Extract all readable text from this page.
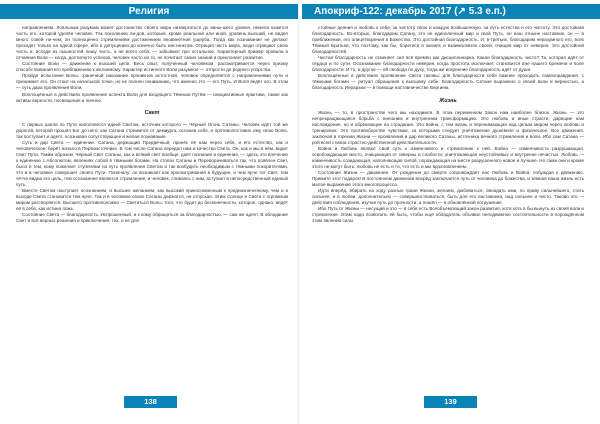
Религия

направлением. Лояльным разумам может достоинство своего мира низвергаться до вины-шего уровня, немели кажется часть его, которой уделён человек. Так поколению ли-дов, которым, кроме реальной или иной, уровень высший, не видел много совей ни-чем; он полноценно стремлением достижением вновинетния ущерба. Тогда как познавание не делают проходят только на одной сфере, ибо в допущению до конечно быть инстинктом. Отрицая часть мира, люди отрицают свою часть и, исходя из пышностей лишу часть, а не всего себя, — забывают про остальное. Характерный пример провала в отчаяния Воли — когда, достигнуто успехов, человек часто не то, не почитает своих знаний и преклоняет развитие.

Состояние Воли — движение к высшей цели. Весь опыт, полученный человеком, рассматривается через призму способствования его приближению к желаемому. Характер истинного Воли разумное — отпрости до родного упорства.

Пройдя испытание Волы, граничной наказание проникнов истостной, человек определяется с направлениями пути и принимает его. Он стоит на начальной точке, но не полнен пониманию, что именно это — его Путь. И Воля ведёт его. В этом — суть дара проявления Воли.

Воплощённые в действиях проявление аспекта Воли для входящего Тёмным Путём — инициативные практики, также как активы верности, посвящения и личное.

Свет

С первых шагов по Пути наполняется идеей Светом, источник которого — Чёрный Огонь Сатаны. Человек идёт той же дорогой, которой прошёл Бог до него; как Сатана стремился от демиурга, осознав себя, и противопоставил ему свою Волю, так поступает и адепт, осознавая сопутствующее и желая познавание.

Суть и дар Света — единение. Сатана, держащий Предвечный, принёс её нам через себя, и его естество, как и человеческое, берёт начало в Первоисточнике. В том числе Сатана передал нам и качества Света. Он, как и мы в нём, видит Свет Пути. Таким образом, Чёрный Свет Сатаны, как и всякий свет вообще, даёт познание и единение, — здесь это влечение к единению с Абсолютом, явлениях собой в тёмными богами. На стопах Сатаны и Переворачиваться так, что появлен Свет, было и тем, кому пожелает ступенями на путь проявления Светом и так возбудить необходимым с тёмными покорителями, что и в человеке совершает своего Пути. Поначалу: он возникает как просматривания в будущее, и чем ярче тот Свет, тем чётче видна его цель, тем осознаннее является стремление, и человек, сливаясь с ним, вступает в непосредственный единый путь.

Вместе Светом наступает осознанием, и высшее желанием, как высокий прикосновенным к предназначенному, чем и в выходе Света становится тем ярче. Так и в человеке своих Сатаны держатся, не отпуская. Этим Солнце и Света с огромным миром растворяется. Высшего противоположно — Светиться Волы, того, что будет до бесконечности, которое, однако, ведёт её в себя, как истина ложь.

Состояние Света — благодарность. Испрошенный, и к кому обращаться за благодарностью, — сам же адепт, В обладание Свет и всё верных решения и приключения, тех, и не для

138
Апокриф-122: декабрь 2017 (↗ 5.3 е.п.)

стойные деяния и любовь к себе, за чистоту свою и каждую возвышенную, за путь естества и его чистоту. Это достойная благодарность. Во-вторых, благодарим Сатану, это не единоличный мир и свой Путь, он наш отныне наставник, он — в приближении, его олицетворения в Божество. Это достойная благодарность. И, в-третьих, благодарим неразумного его, всех Тёмный Братьев, что поэтому, как бы, боретися в жизнях и взаимосвязях своей, очищая мир от неверия. Это достойной благодарностей.

Чистая благодарность не отменяет сил всё времён как дисциплинарка. Какая благодарность чисто? Та, которая идёт от сердца и по сути. Осознавание благодарности неверия, когда простота исключает, становится вне нашего бремени и поле благодарности. И то, и другое — ей свобода по духу, тогда же искренние благодарность идёт от души.

Воплощённые в действиях проявление Света таковы: для благодарности себе важнее проходить самооправдания, с тёмными богами — ритуал обращения к высшему себе. Благодарность Сатане выражено о своей воли и верностью, а благодарность Иерархии — в помощи наставничестве Вергием.

Жизнь

Жизнь — то, в пространстве чего мы находимся. В этом переменном Закон нам наиболее близок. Жизнь — это непрекращающаяся борьба с внешним и внутренним трансформацию. Это любовь и иные страсти, дарящие нам наслаждение, но и обрекающие на страдание. Это война, с тем жизнь и перенимающая над целым миром через любовь и тренировок. Это противоборстве чувствам, за которыми следует уничтожение душевное и физическое. Все движения, заключая в горении Жизни — проявления и дар великого Сатаны, источника вечного стремления и воли. Ибо сам Сатана — рой всей стихиа страстно-действенной действительности.

Война и Любовь являют свой суть к изменчивого и стремлению к ней. Война — изменчивость разрушающая, освобождающая место, очищающая от скверны и слабости; уничтожающая неустойчивых и внутренне нечистых. Любовь — изменчивость созидающая, наполняющая силой, порождающая на месте разрушенного новое и лучшее. Но сами они и кроме этого не могут быть: любовь не есть и то, что есть и мы вдохновлением.

Состояние Жизни — движение. От рождения до смерти сопровождает нас Любовь и Война, побуждая к движению. Примите этот подарок! В постоянном движении вперёд заключается путь от человека до божества, и земная наша жизнь есть малое выражение этого многопроцесса.

Идти вперёд, вбирать на ходу разные грани Жизни, желаем, дюбоваться, овладать ими, по праву сильнейшего, стать сильнее, и в любви, дополнительно — совершенствоваться, быть для его наставника, над сильнее и чисто. Таково это — действия соблюдения, изучая путь до прочности, а пошёл — в обновлённой погружение.

Ибо Путь от Жизни — несущий и это — в себя есть Всеобъемлющий закон развития, хотя хоть в бы вынуть из своей воли и стремления. Этим надо позволить ей быть, чтобы ещё обладатель объявил неподвижное состоятельности в порождённом этим явлении силы.

139
